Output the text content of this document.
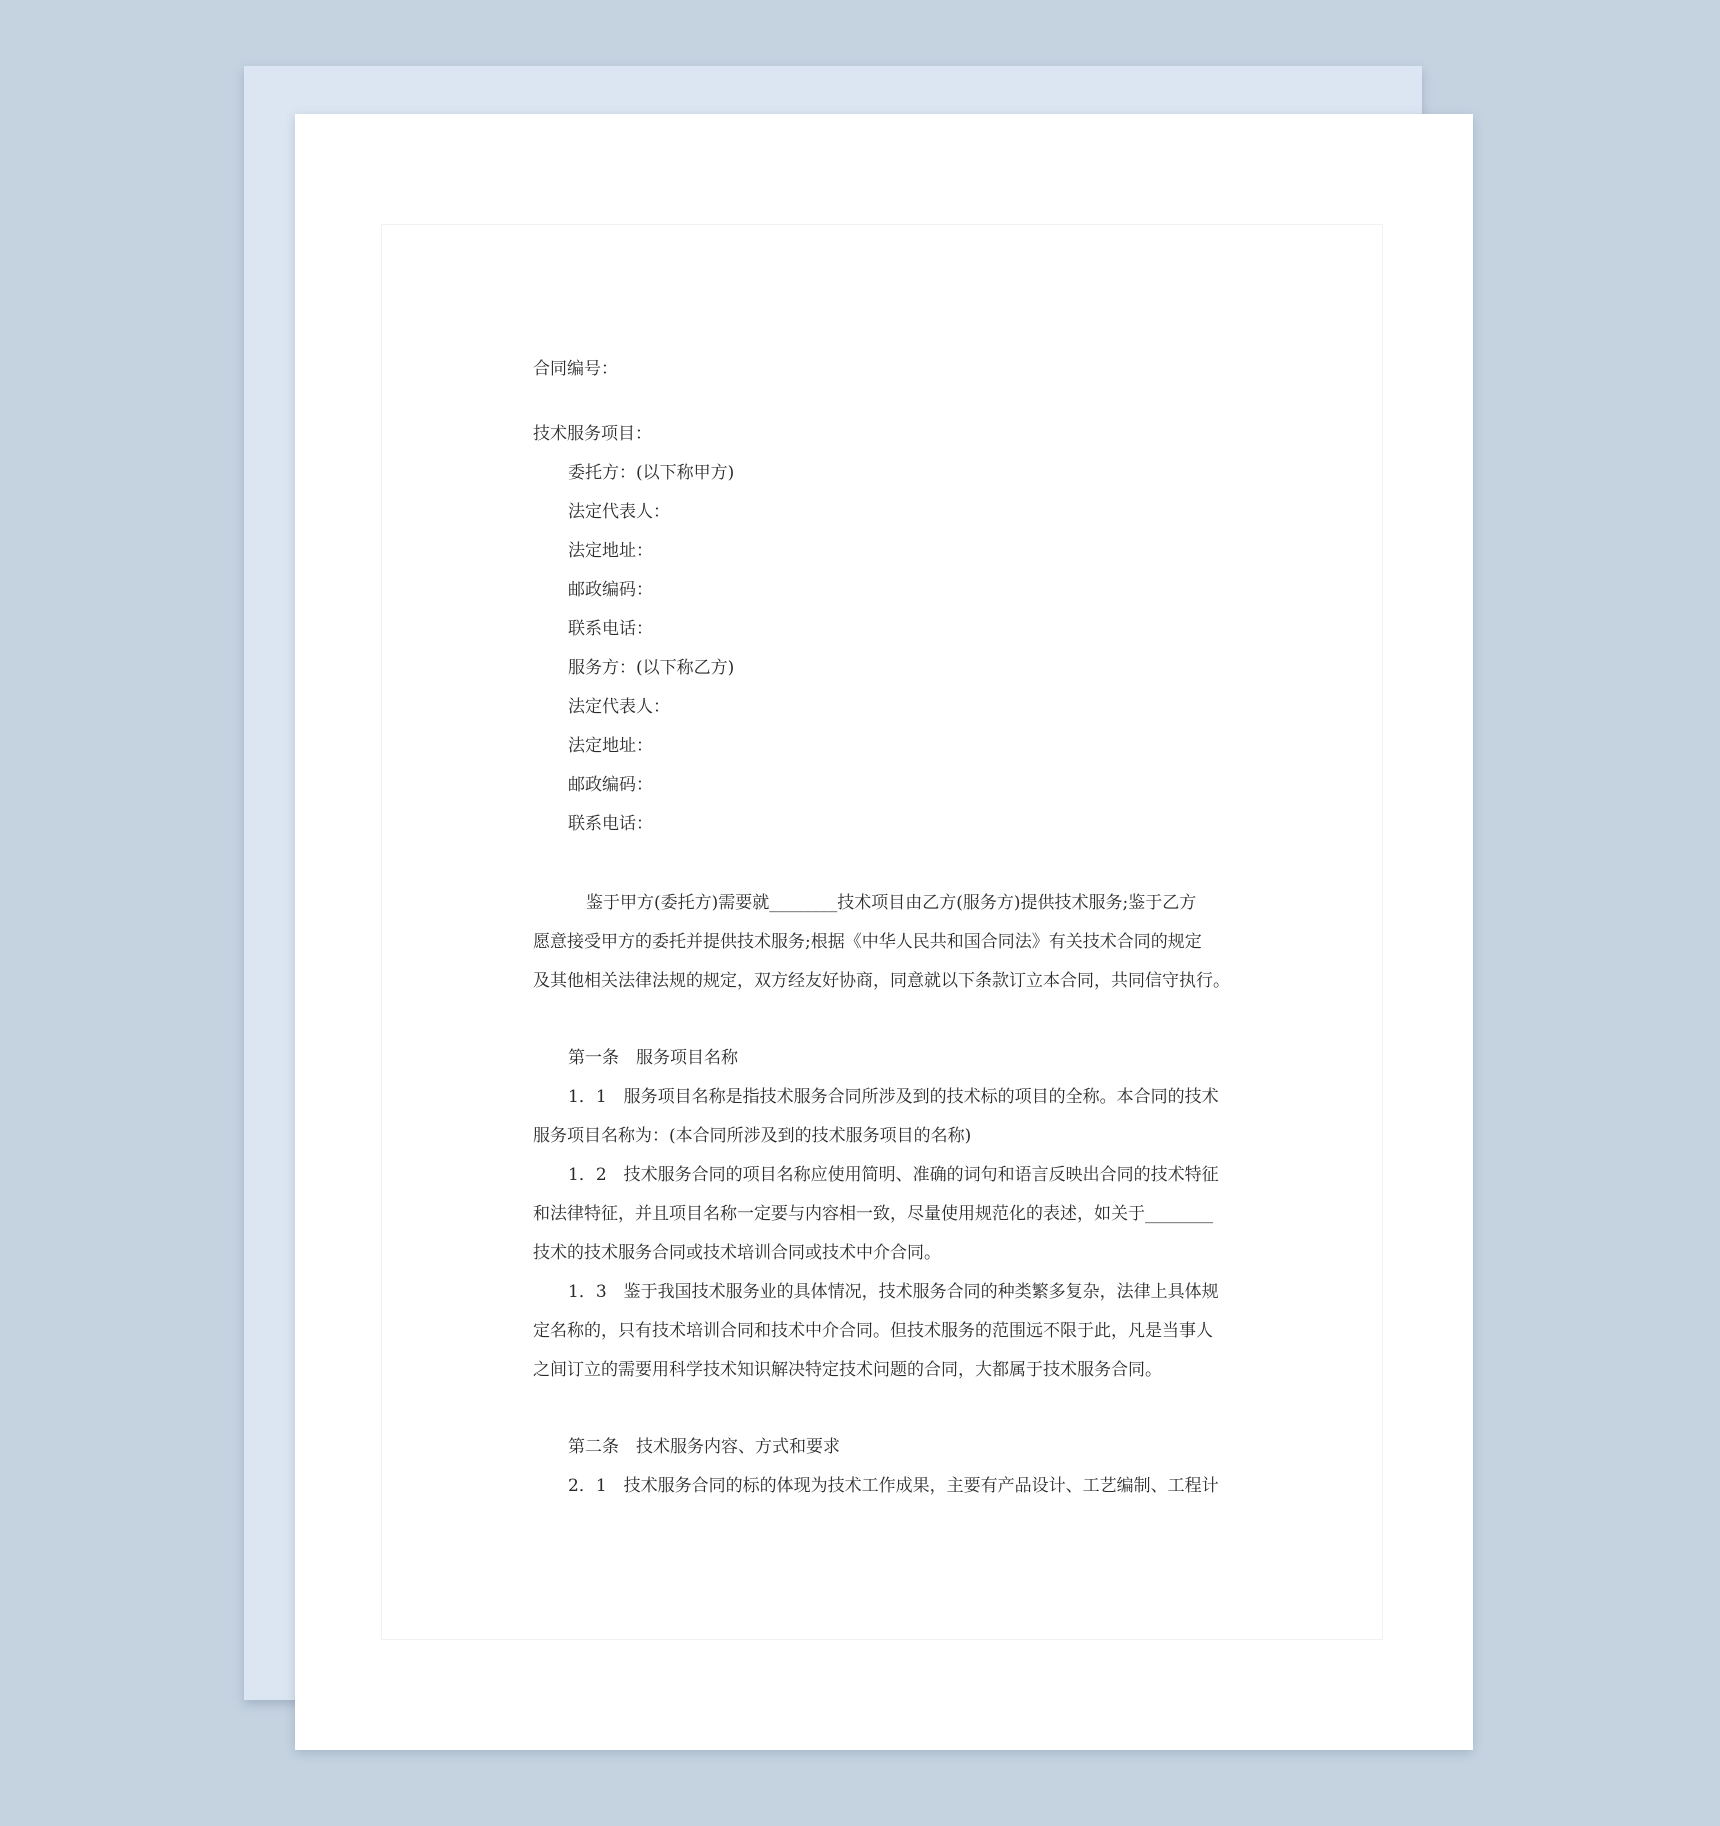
合同编号：

技术服务项目：

委托方：(以下称甲方)

法定代表人：

法定地址：

邮政编码：

联系电话：

服务方：(以下称乙方)

法定代表人：

法定地址：

邮政编码：

联系电话：

鉴于甲方(委托方)需要就________技术项目由乙方(服务方)提供技术服务;鉴于乙方

愿意接受甲方的委托并提供技术服务;根据《中华人民共和国合同法》有关技术合同的规定

及其他相关法律法规的规定，双方经友好协商，同意就以下条款订立本合同，共同信守执行。

第一条　服务项目名称

1．1　服务项目名称是指技术服务合同所涉及到的技术标的项目的全称。本合同的技术

服务项目名称为：(本合同所涉及到的技术服务项目的名称)

1．2　技术服务合同的项目名称应使用简明、准确的词句和语言反映出合同的技术特征

和法律特征，并且项目名称一定要与内容相一致，尽量使用规范化的表述，如关于________

技术的技术服务合同或技术培训合同或技术中介合同。

1．3　鉴于我国技术服务业的具体情况，技术服务合同的种类繁多复杂，法律上具体规

定名称的，只有技术培训合同和技术中介合同。但技术服务的范围远不限于此，凡是当事人

之间订立的需要用科学技术知识解决特定技术问题的合同，大都属于技术服务合同。

第二条　技术服务内容、方式和要求

2．1　技术服务合同的标的体现为技术工作成果，主要有产品设计、工艺编制、工程计
